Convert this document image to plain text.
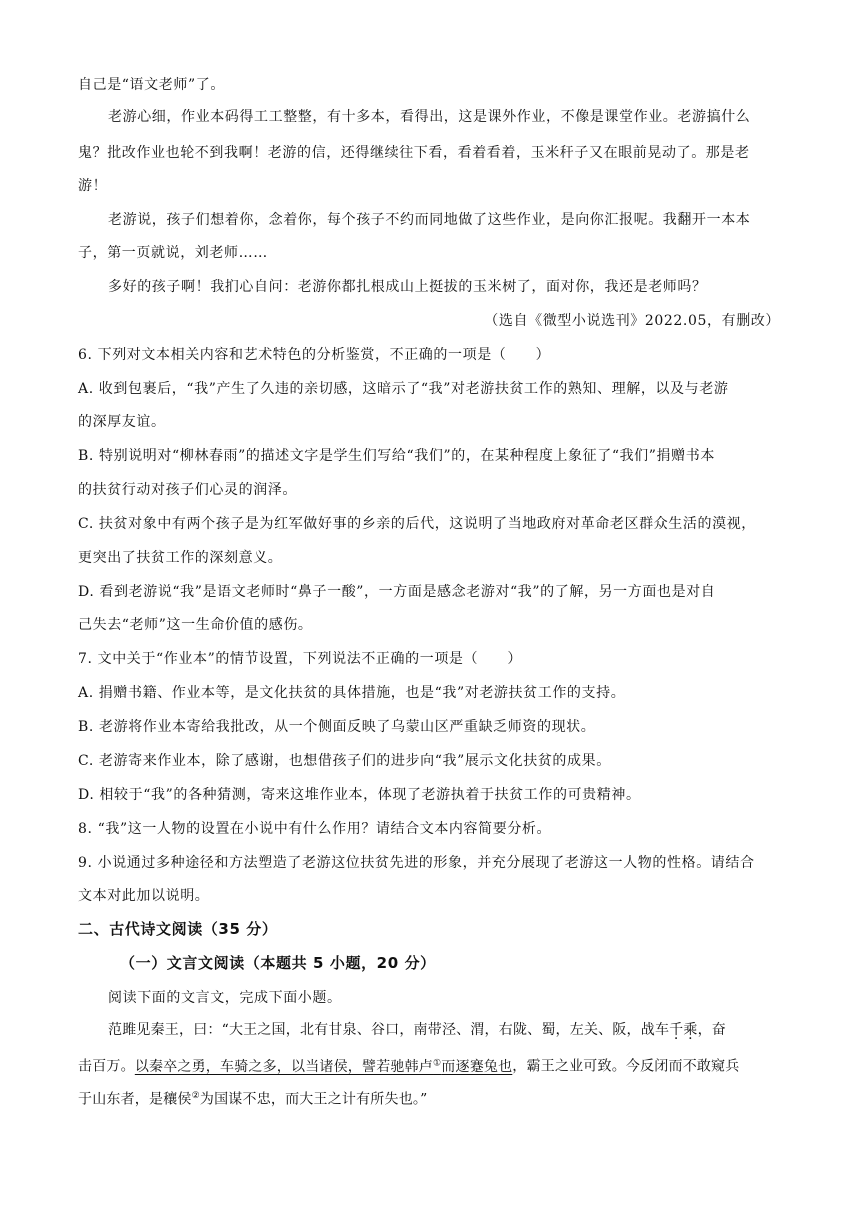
自己是“语文老师”了。
老游心细，作业本码得工工整整，有十多本，看得出，这是课外作业，不像是课堂作业。老游搞什么
鬼？批改作业也轮不到我啊！老游的信，还得继续往下看，看着看着，玉米秆子又在眼前晃动了。那是老
游！
老游说，孩子们想着你，念着你，每个孩子不约而同地做了这些作业，是向你汇报呢。我翻开一本本
子，第一页就说，刘老师……
多好的孩子啊！我扪心自问：老游你都扎根成山上挺拔的玉米树了，面对你，我还是老师吗？
（选自《微型小说选刊》2022.05，有删改）
6. 下列对文本相关内容和艺术特色的分析鉴赏，不正确的一项是（　　）
A. 收到包裹后，“我”产生了久违的亲切感，这暗示了“我”对老游扶贫工作的熟知、理解，以及与老游
的深厚友谊。
B. 特别说明对“柳林春雨”的描述文字是学生们写给“我们”的，在某种程度上象征了“我们”捐赠书本
的扶贫行动对孩子们心灵的润泽。
C. 扶贫对象中有两个孩子是为红军做好事的乡亲的后代，这说明了当地政府对革命老区群众生活的漠视，
更突出了扶贫工作的深刻意义。
D. 看到老游说“我”是语文老师时“鼻子一酸”，一方面是感念老游对“我”的了解，另一方面也是对自
己失去“老师”这一生命价值的感伤。
7. 文中关于“作业本”的情节设置，下列说法不正确的一项是（　　）
A. 捐赠书籍、作业本等，是文化扶贫的具体措施，也是“我”对老游扶贫工作的支持。
B. 老游将作业本寄给我批改，从一个侧面反映了乌蒙山区严重缺乏师资的现状。
C. 老游寄来作业本，除了感谢，也想借孩子们的进步向“我”展示文化扶贫的成果。
D. 相较于“我”的各种猜测，寄来这堆作业本，体现了老游执着于扶贫工作的可贵精神。
8. “我”这一人物的设置在小说中有什么作用？请结合文本内容简要分析。
9. 小说通过多种途径和方法塑造了老游这位扶贫先进的形象，并充分展现了老游这一人物的性格。请结合
文本对此加以说明。
二、古代诗文阅读（35 分）
（一）文言文阅读（本题共 5 小题，20 分）
阅读下面的文言文，完成下面小题。
范雎见秦王，曰：“大王之国，北有甘泉、谷口，南带泾、渭，右陇、蜀，左关、阪，战车千乘，奋
击百万。以秦卒之勇，车骑之多，以当诸侯，譬若驰韩卢①而逐蹇兔也，霸王之业可致。今反闭而不敢窥兵
于山东者，是穰侯②为国谋不忠，而大王之计有所失也。”
